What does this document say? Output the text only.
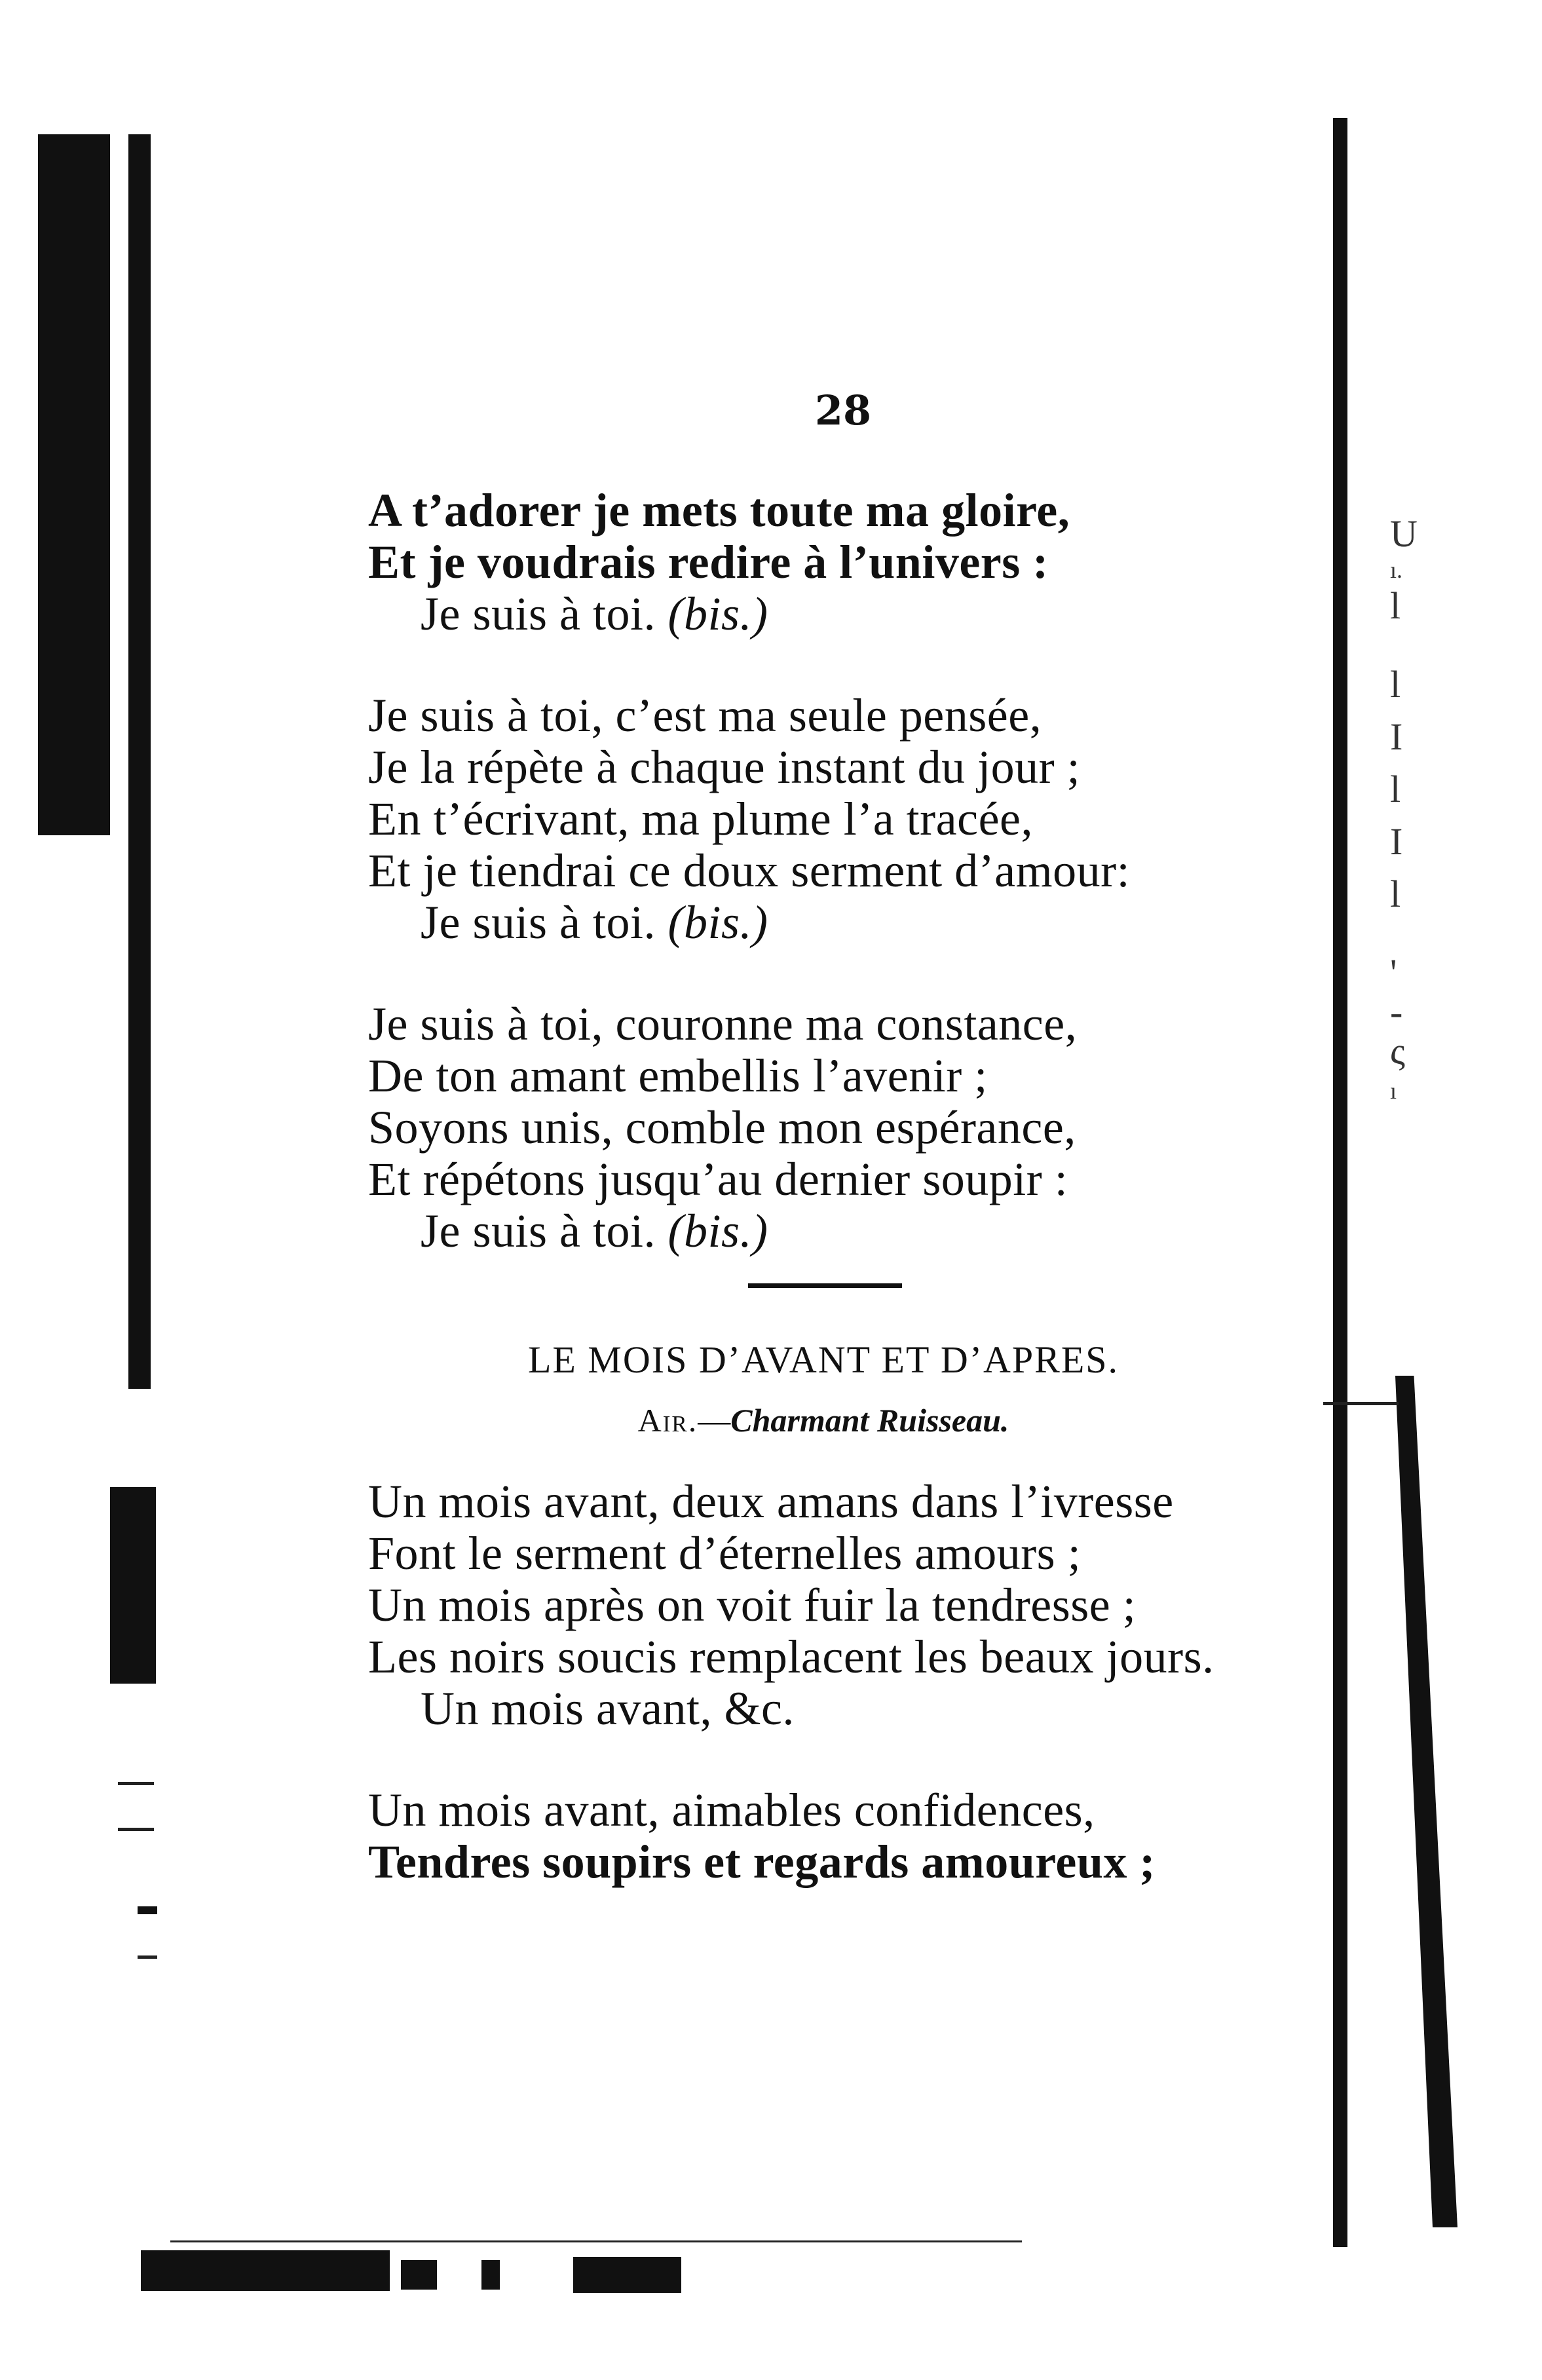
28
A t’adorer je mets toute ma gloire,
Et je voudrais redire à l’univers :
Je suis à toi. (bis.)
Je suis à toi, c’est ma seule pensée,
Je la répète à chaque instant du jour ;
En t’écrivant, ma plume l’a tracée,
Et je tiendrai ce doux serment d’amour:
Je suis à toi. (bis.)
Je suis à toi, couronne ma constance,
De ton amant embellis l’avenir ;
Soyons unis, comble mon espérance,
Et répétons jusqu’au dernier soupir :
Je suis à toi. (bis.)
LE MOIS D’AVANT ET D’APRES.
Air.—Charmant Ruisseau.
Un mois avant, deux amans dans l’ivresse
Font le serment d’éternelles amours ;
Un mois après on voit fuir la tendresse ;
Les noirs soucis remplacent les beaux jours.
Un mois avant, &c.
Un mois avant, aimables confidences,
Tendres soupirs et regards amoureux ;
U
ı.
l
l
I
l
I
l
'
-
ς
ı
